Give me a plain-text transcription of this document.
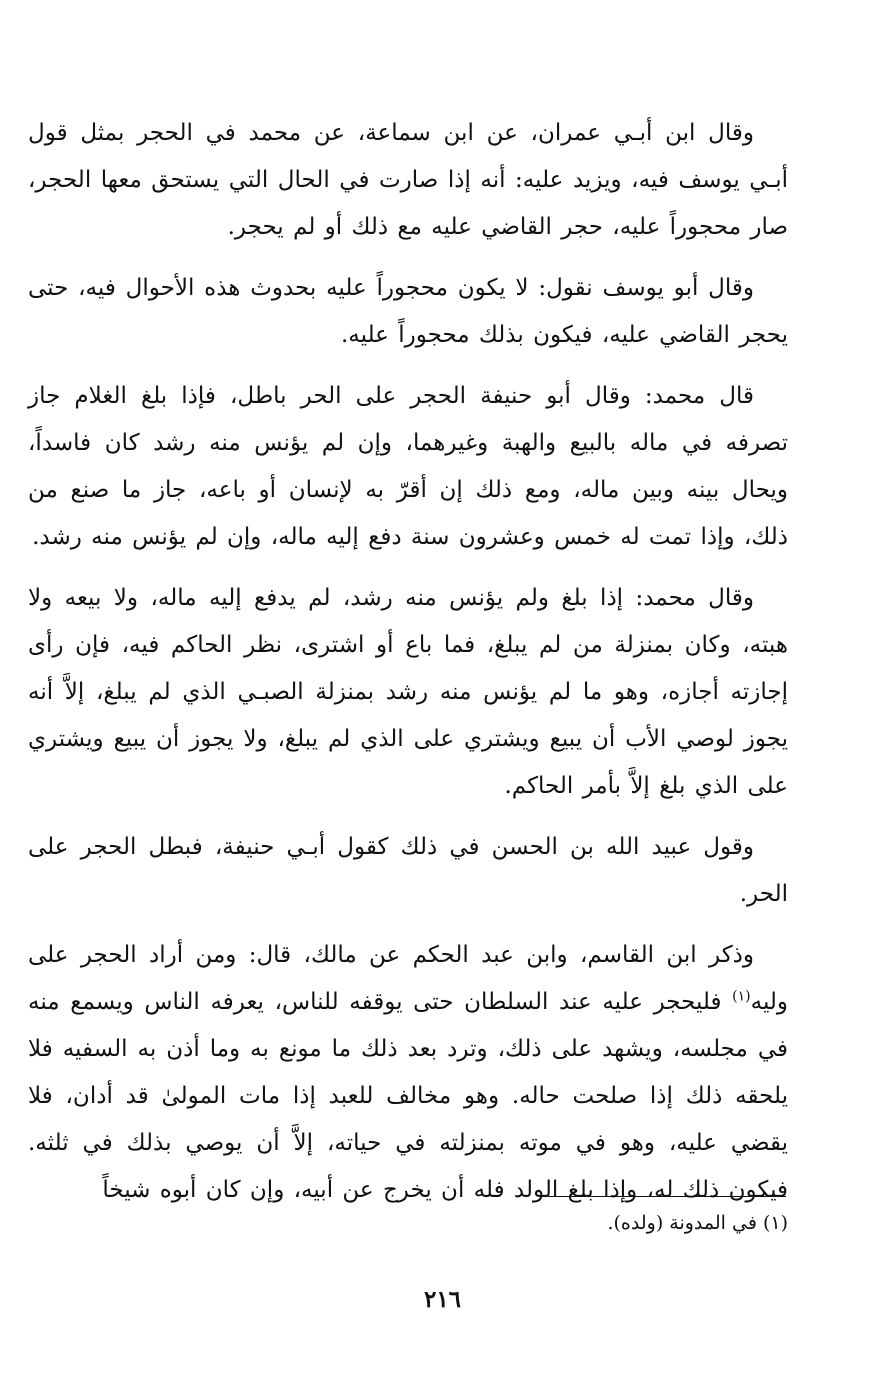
وقال ابن أبـي عمران، عن ابن سماعة، عن محمد في الحجر بمثل قول أبـي يوسف فيه، ويزيد عليه: أنه إذا صارت في الحال التي يستحق معها الحجر، صار محجوراً عليه، حجر القاضي عليه مع ذلك أو لم يحجر.

وقال أبو يوسف نقول: لا يكون محجوراً عليه بحدوث هذه الأحوال فيه، حتى يحجر القاضي عليه، فيكون بذلك محجوراً عليه.

قال محمد: وقال أبو حنيفة الحجر على الحر باطل، فإذا بلغ الغلام جاز تصرفه في ماله بالبيع والهبة وغيرهما، وإن لم يؤنس منه رشد كان فاسداً، ويحال بينه وبين ماله، ومع ذلك إن أقرّ به لإنسان أو باعه، جاز ما صنع من ذلك، وإذا تمت له خمس وعشرون سنة دفع إليه ماله، وإن لم يؤنس منه رشد.

وقال محمد: إذا بلغ ولم يؤنس منه رشد، لم يدفع إليه ماله، ولا بيعه ولا هبته، وكان بمنزلة من لم يبلغ، فما باع أو اشترى، نظر الحاكم فيه، فإن رأى إجازته أجازه، وهو ما لم يؤنس منه رشد بمنزلة الصبـي الذي لم يبلغ، إلاَّ أنه يجوز لوصي الأب أن يبيع ويشتري على الذي لم يبلغ، ولا يجوز أن يبيع ويشتري على الذي بلغ إلاَّ بأمر الحاكم.

وقول عبيد الله بن الحسن في ذلك كقول أبـي حنيفة، فبطل الحجر على الحر.

وذكر ابن القاسم، وابن عبد الحكم عن مالك، قال: ومن أراد الحجر على وليه$^{(١)}$ فليحجر عليه عند السلطان حتى يوقفه للناس، يعرفه الناس ويسمع منه في مجلسه، ويشهد على ذلك، وترد بعد ذلك ما مونع به وما أذن به السفيه فلا يلحقه ذلك إذا صلحت حاله. وهو مخالف للعبد إذا مات المولىٰ قد أدان، فلا يقضي عليه، وهو في موته بمنزلته في حياته، إلاَّ أن يوصي بذلك في ثلثه. فيكون ذلك له، وإذا بلغ الولد فله أن يخرج عن أبيه، وإن كان أبوه شيخاً

(١) في المدونة (ولده).
٢١٦
